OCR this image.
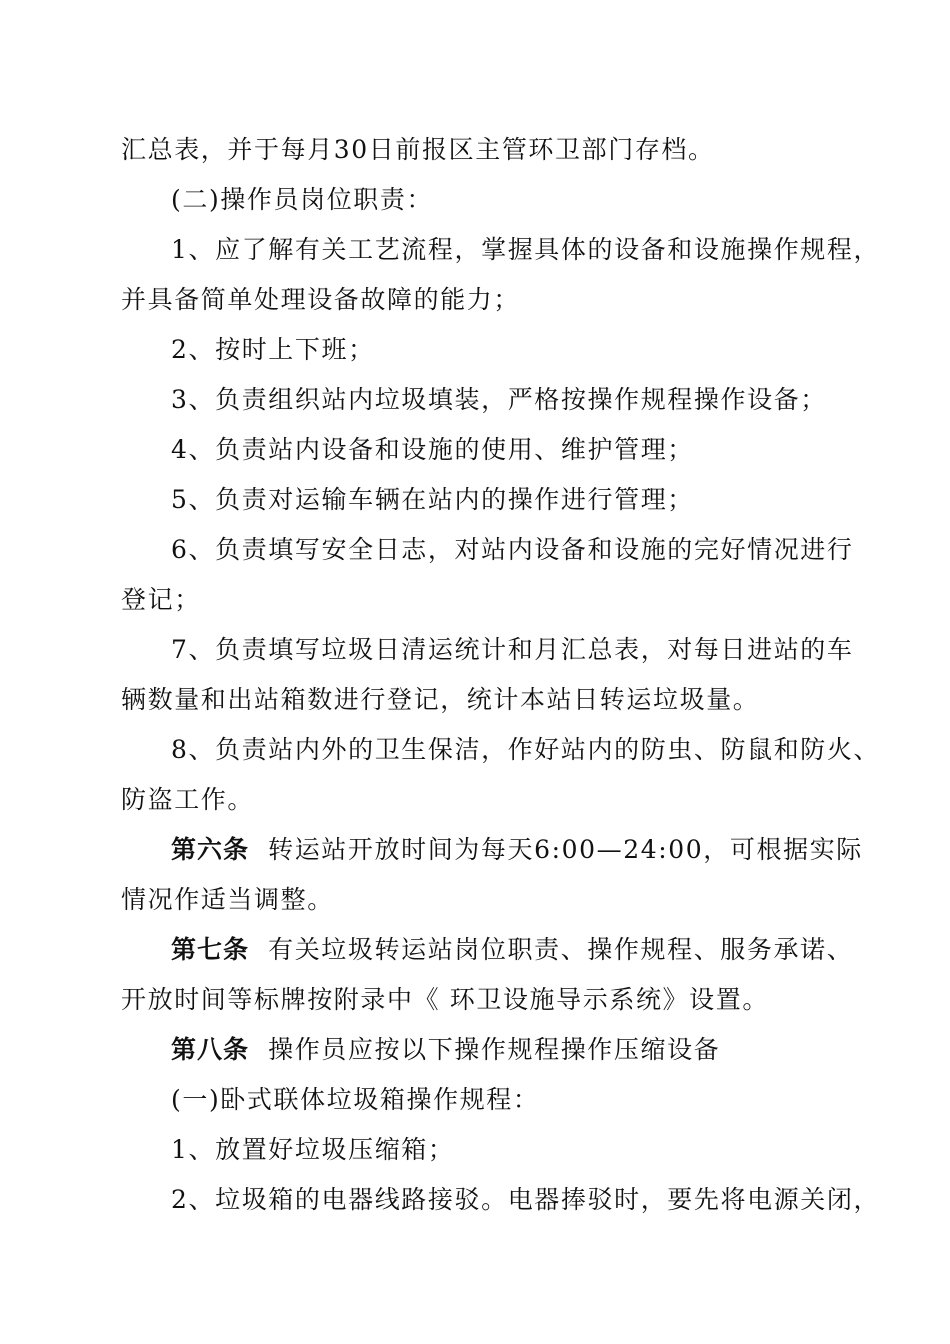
汇总表，并于每月30日前报区主管环卫部门存档。
(二)操作员岗位职责：
1、应了解有关工艺流程，掌握具体的设备和设施操作规程，
并具备简单处理设备故障的能力；
2、按时上下班；
3、负责组织站内垃圾填装，严格按操作规程操作设备；
4、负责站内设备和设施的使用、维护管理；
5、负责对运输车辆在站内的操作进行管理；
6、负责填写安全日志，对站内设备和设施的完好情况进行
登记；
7、负责填写垃圾日清运统计和月汇总表，对每日进站的车
辆数量和出站箱数进行登记，统计本站日转运垃圾量。
8、负责站内外的卫生保洁，作好站内的防虫、防鼠和防火、
防盗工作。
第六条 转运站开放时间为每天6:00—24:00，可根据实际
情况作适当调整。
第七条 有关垃圾转运站岗位职责、操作规程、服务承诺、
开放时间等标牌按附录中《 环卫设施导示系统》设置。
第八条 操作员应按以下操作规程操作压缩设备
(一)卧式联体垃圾箱操作规程：
1、放置好垃圾压缩箱；
2、垃圾箱的电器线路接驳。电器捧驳时，要先将电源关闭，
